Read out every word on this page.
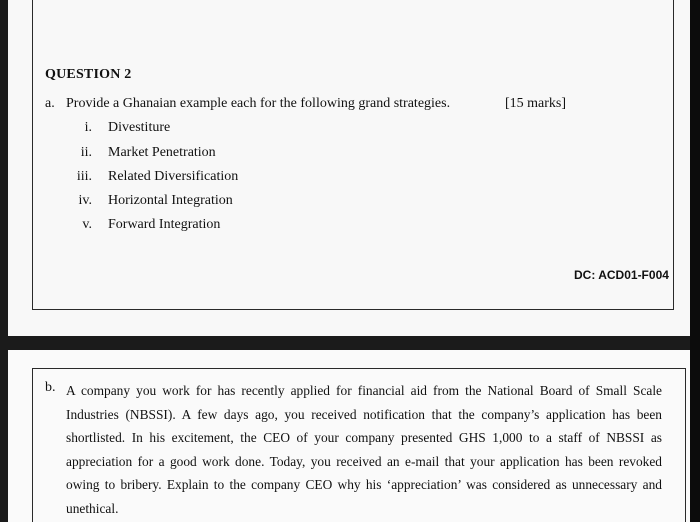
QUESTION 2
a. Provide a Ghanaian example each for the following grand strategies.	[15 marks]
i. Divestiture
ii. Market Penetration
iii. Related Diversification
iv. Horizontal Integration
v. Forward Integration
DC: ACD01-F004
b. A company you work for has recently applied for financial aid from the National Board of Small Scale Industries (NBSSI). A few days ago, you received notification that the company’s application has been shortlisted. In his excitement, the CEO of your company presented GHS 1,000 to a staff of NBSSI as appreciation for a good work done. Today, you received an e-mail that your application has been revoked owing to bribery. Explain to the company CEO why his ‘appreciation’ was considered as unnecessary and unethical.
